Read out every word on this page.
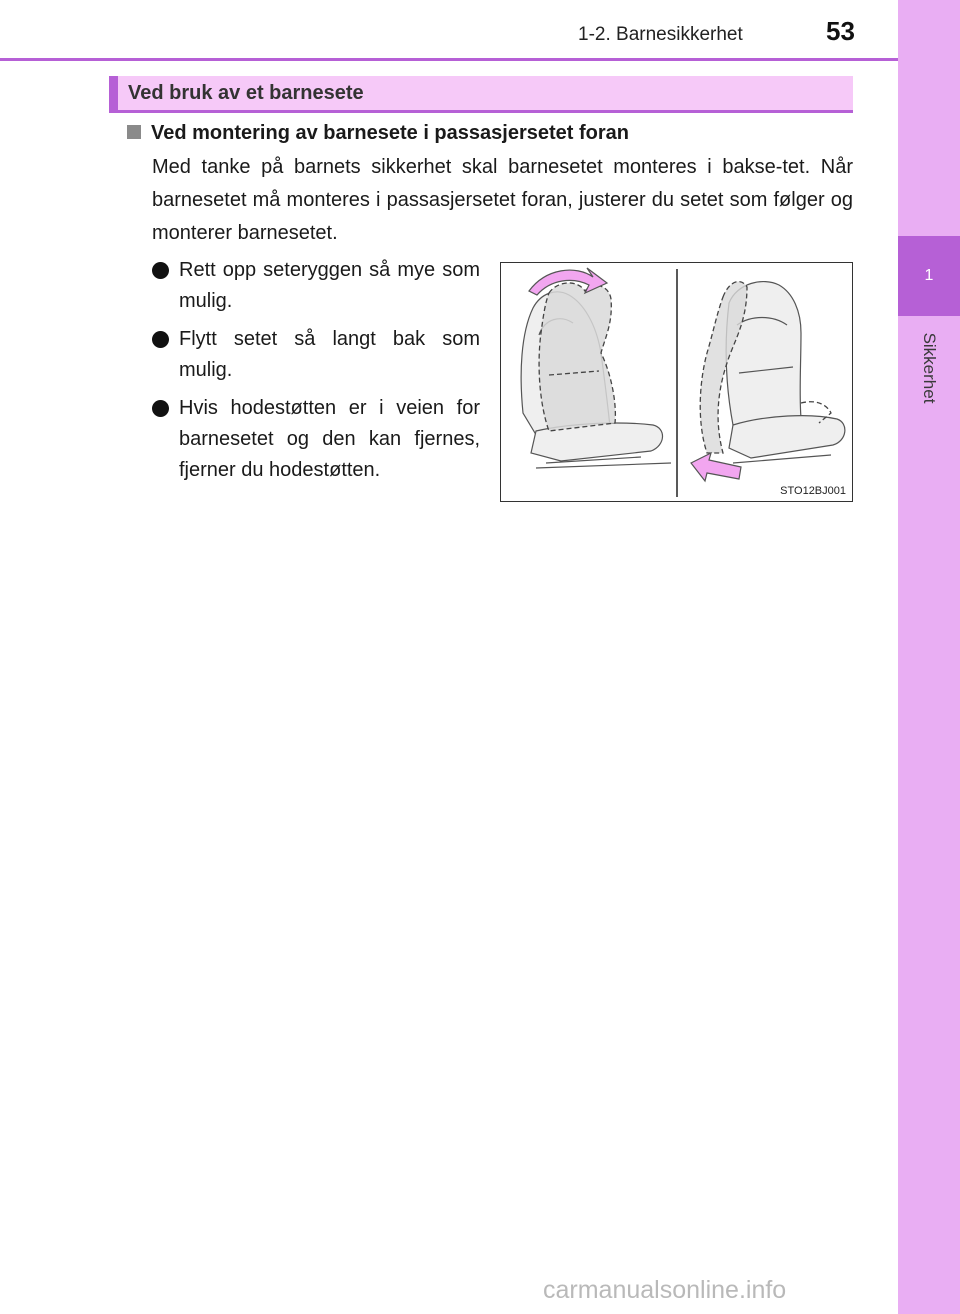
1
Sikkerhet
1-2. Barnesikkerhet	53
Ved bruk av et barnesete
Ved montering av barnesete i passasjersetet foran

Med tanke på barnets sikkerhet skal barnesetet monteres i bakse-tet. Når barnesetet må monteres i passasjersetet foran, justerer du setet som følger og monterer barnesetet.

Rett opp seteryggen så mye som mulig.
Flytt setet så langt bak som mulig.
Hvis hodestøtten er i veien for barnesetet og den kan fjernes, fjerner du hodestøtten.
STO12BJ001
carmanualsonline.info
